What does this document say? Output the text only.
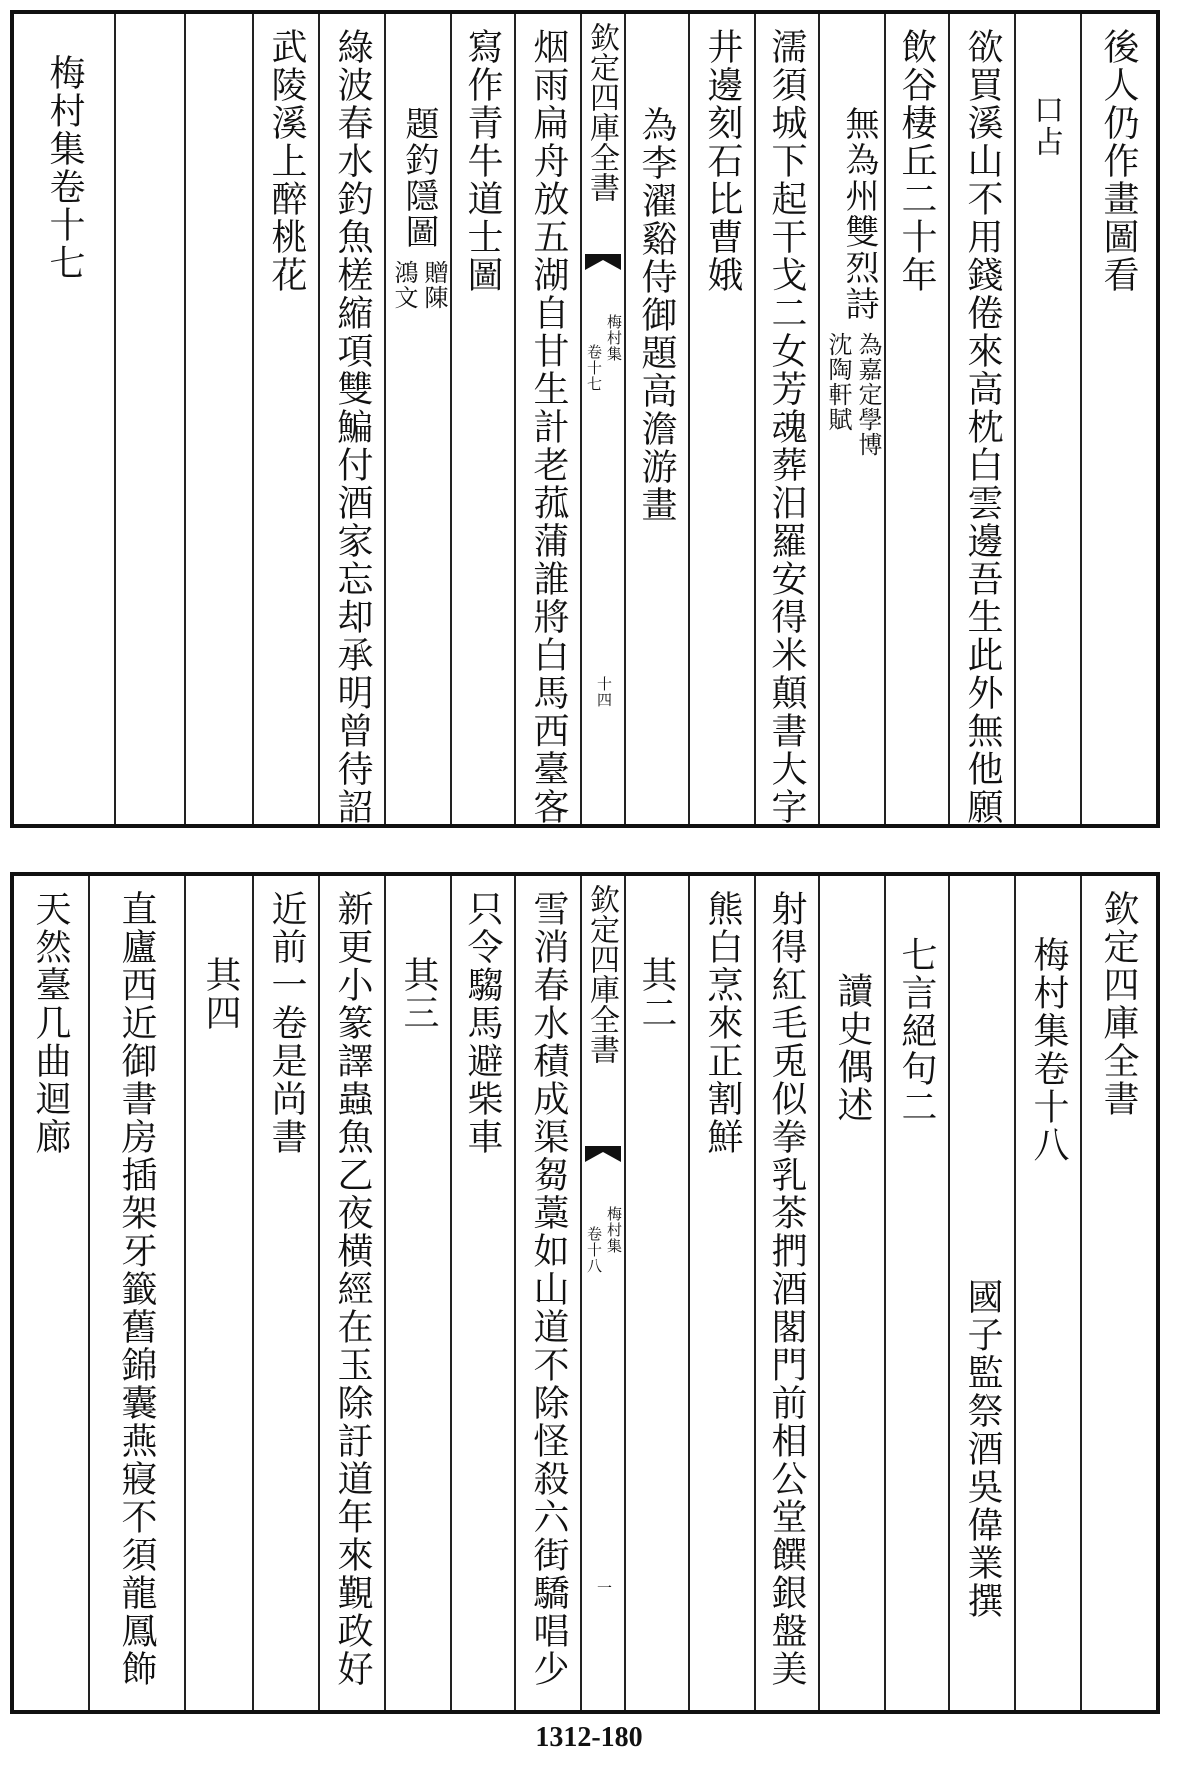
後人仍作畫圖看
口占
欲買溪山不用錢倦來高枕白雲邊吾生此外無他願
飲谷棲丘二十年
無為州雙烈詩
為嘉定學博
沈陶軒賦
濡須城下起干戈二女芳魂葬汨羅安得米顛書大字
井邊刻石比曹娥
為李濯谿侍御題高澹游畫
欽定四庫全書
梅村集
卷十七
十四
烟雨扁舟放五湖自甘生計老菰蒲誰將白馬西臺客
寫作青牛道士圖
題釣隱圖
贈陳
鴻文
綠波春水釣魚槎縮項雙鯿付酒家忘却承明曾待詔
武陵溪上醉桃花
梅村集卷十七
欽定四庫全書
梅村集卷十八
國子監祭酒吳偉業撰
七言絕句二
讀史偶述
射得紅毛兎似拳乳茶捫酒閣門前相公堂饌銀盤美
熊白烹來正割鮮
其二
欽定四庫全書
梅村集
卷十八
一
雪消春水積成渠芻藁如山道不除怪殺六街驕唱少
只令騶馬避柴車
其三
新更小篆譯蟲魚乙夜横經在玉除訏道年來覲政好
近前一卷是尚書
其四
直廬西近御書房插架牙籤舊錦囊燕寢不須龍鳳飾
天然臺几曲迴廊
1312-180
